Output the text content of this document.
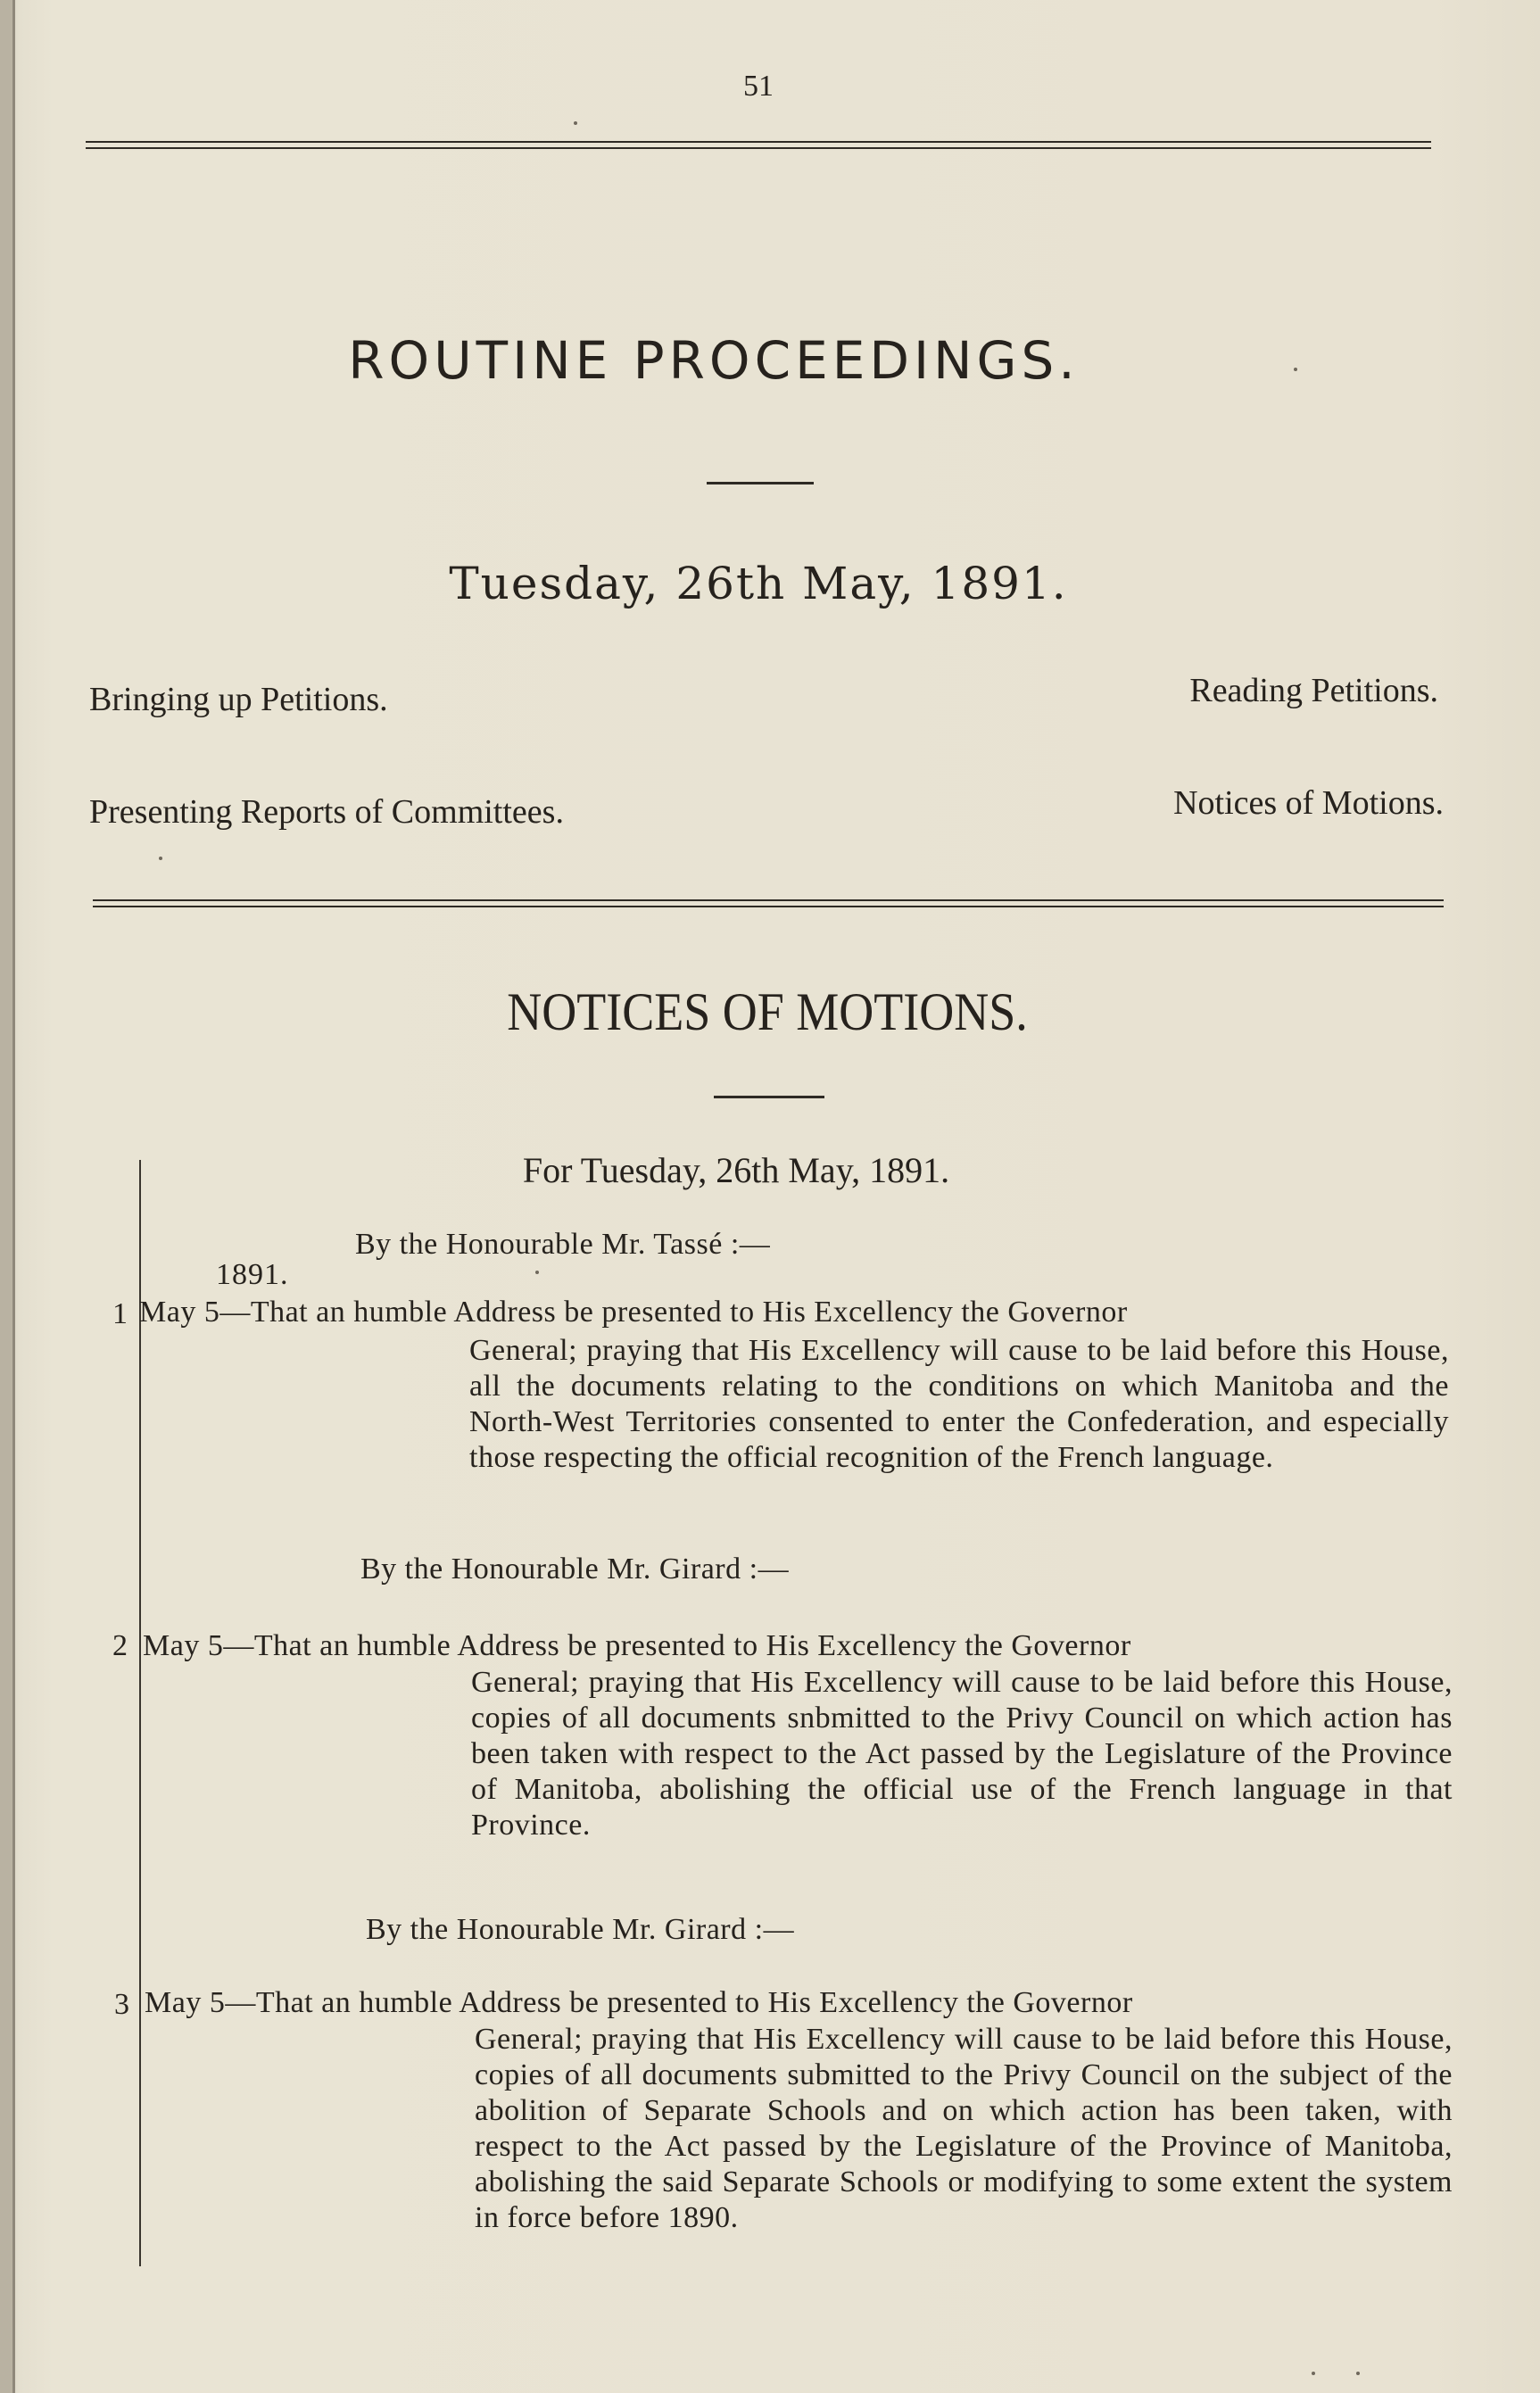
51
ROUTINE PROCEEDINGS.
Tuesday, 26th May, 1891.
Bringing up Petitions.	Reading Petitions.
Presenting Reports of Committees.	Notices of Motions.
NOTICES OF MOTIONS.
For Tuesday, 26th May, 1891.
By the Honourable Mr. Tassé :—
1891.
1 May 5—That an humble Address be presented to His Excellency the Governor
General; praying that His Excellency will cause to be laid before this House, all the documents relating to the conditions on which Manitoba and the North-West Territories consented to enter the Confederation, and especially those respecting the official recognition of the French language.
By the Honourable Mr. Girard :—
2 May 5—That an humble Address be presented to His Excellency the Governor
General; praying that His Excellency will cause to be laid before this House, copies of all documents snbmitted to the Privy Council on which action has been taken with respect to the Act passed by the Legislature of the Province of Manitoba, abolishing the official use of the French language in that Province.
By the Honourable Mr. Girard :—
3 May 5—That an humble Address be presented to His Excellency the Governor
General; praying that His Excellency will cause to be laid before this House, copies of all documents submitted to the Privy Council on the subject of the abolition of Separate Schools and on which action has been taken, with respect to the Act passed by the Legislature of the Province of Manitoba, abolishing the said Separate Schools or modifying to some extent the system in force before 1890.
